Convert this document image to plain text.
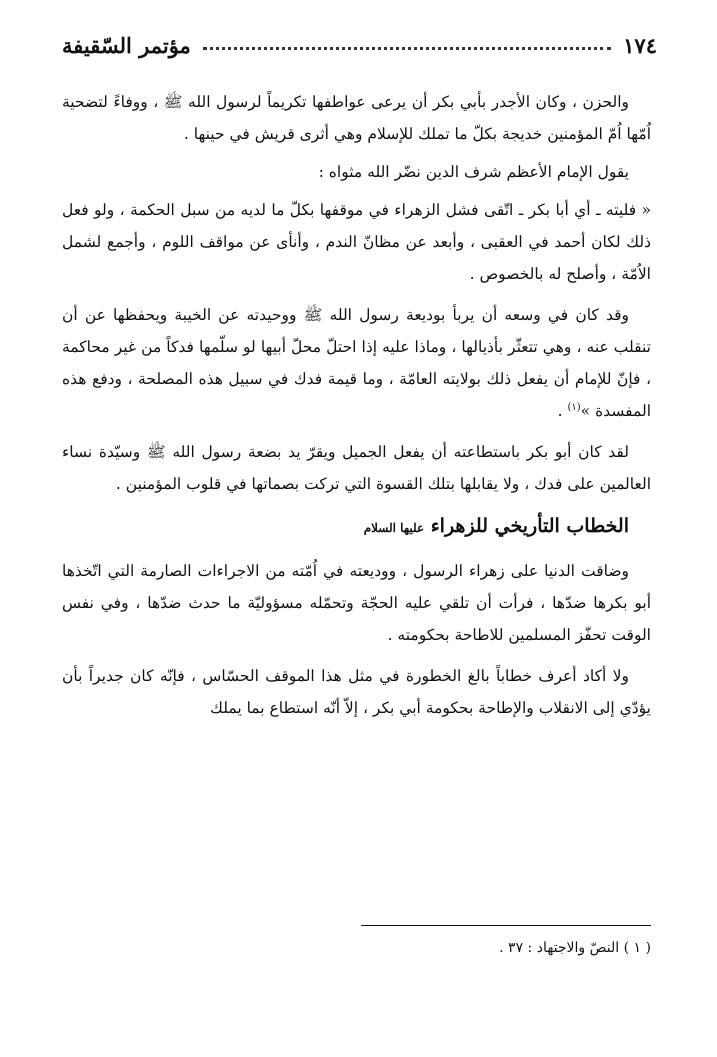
١٧٤
مؤتمر السّقيفة

والحزن ، وكان الأجدر بأبي بكر أن يرعى عواطفها تكريماً لرسول الله ﷺ ، ووفاءً لتضحية اُمّها اُمّ المؤمنين خديجة بكلّ ما تملك للإسلام وهي أثرى قريش في حينها .

يقول الإمام الأعظم شرف الدين نضّر الله مثواه :

« فليته ـ أي أبا بكر ـ اتّقى فشل الزهراء في موقفها بكلّ ما لديه من سبل الحكمة ، ولو فعل ذلك لكان أحمد في العقبى ، وأبعد عن مظانّ الندم ، وأنأى عن مواقف اللوم ، وأجمع لشمل الاُمّة ، وأصلح له بالخصوص .

وقد كان في وسعه أن يربأ بوديعة رسول الله ﷺ ووحيدته عن الخيبة ويحفظها عن أن تنقلب عنه ، وهي تتعثّر بأذيالها ، وماذا عليه إذا احتلّ محلّ أبيها لو سلّمها فدكاً من غير محاكمة ، فإنّ للإمام أن يفعل ذلك بولايته العامّة ، وما قيمة فدك في سبيل هذه المصلحة ، ودفع هذه المفسدة »$^{(١)}$ .

لقد كان أبو بكر باستطاعته أن يفعل الجميل ويقرّ يد بضعة رسول الله ﷺ وسيّدة نساء العالمين على فدك ، ولا يقابلها بتلك القسوة التي تركت بصماتها في قلوب المؤمنين .

الخطاب التأريخي للزهراء عليها السلام

وضاقت الدنيا على زهراء الرسول ، ووديعته في اُمّته من الاجراءات الصارمة التي اتّخذها أبو بكرها ضدّها ، فرأت أن تلقي عليه الحجّة وتحمّله مسؤوليّة ما حدث ضدّها ، وفي نفس الوقت تحفّز المسلمين للاطاحة بحكومته .

ولا أكاد أعرف خطاباً بالغ الخطورة في مثل هذا الموقف الحسّاس ، فإنّه كان جديراً بأن يؤدّي إلى الانقلاب والإطاحة بحكومة أبي بكر ، إلاّ أنّه استطاع بما يملك

( ١ ) النصّ والاجتهاد : ٣٧ .
